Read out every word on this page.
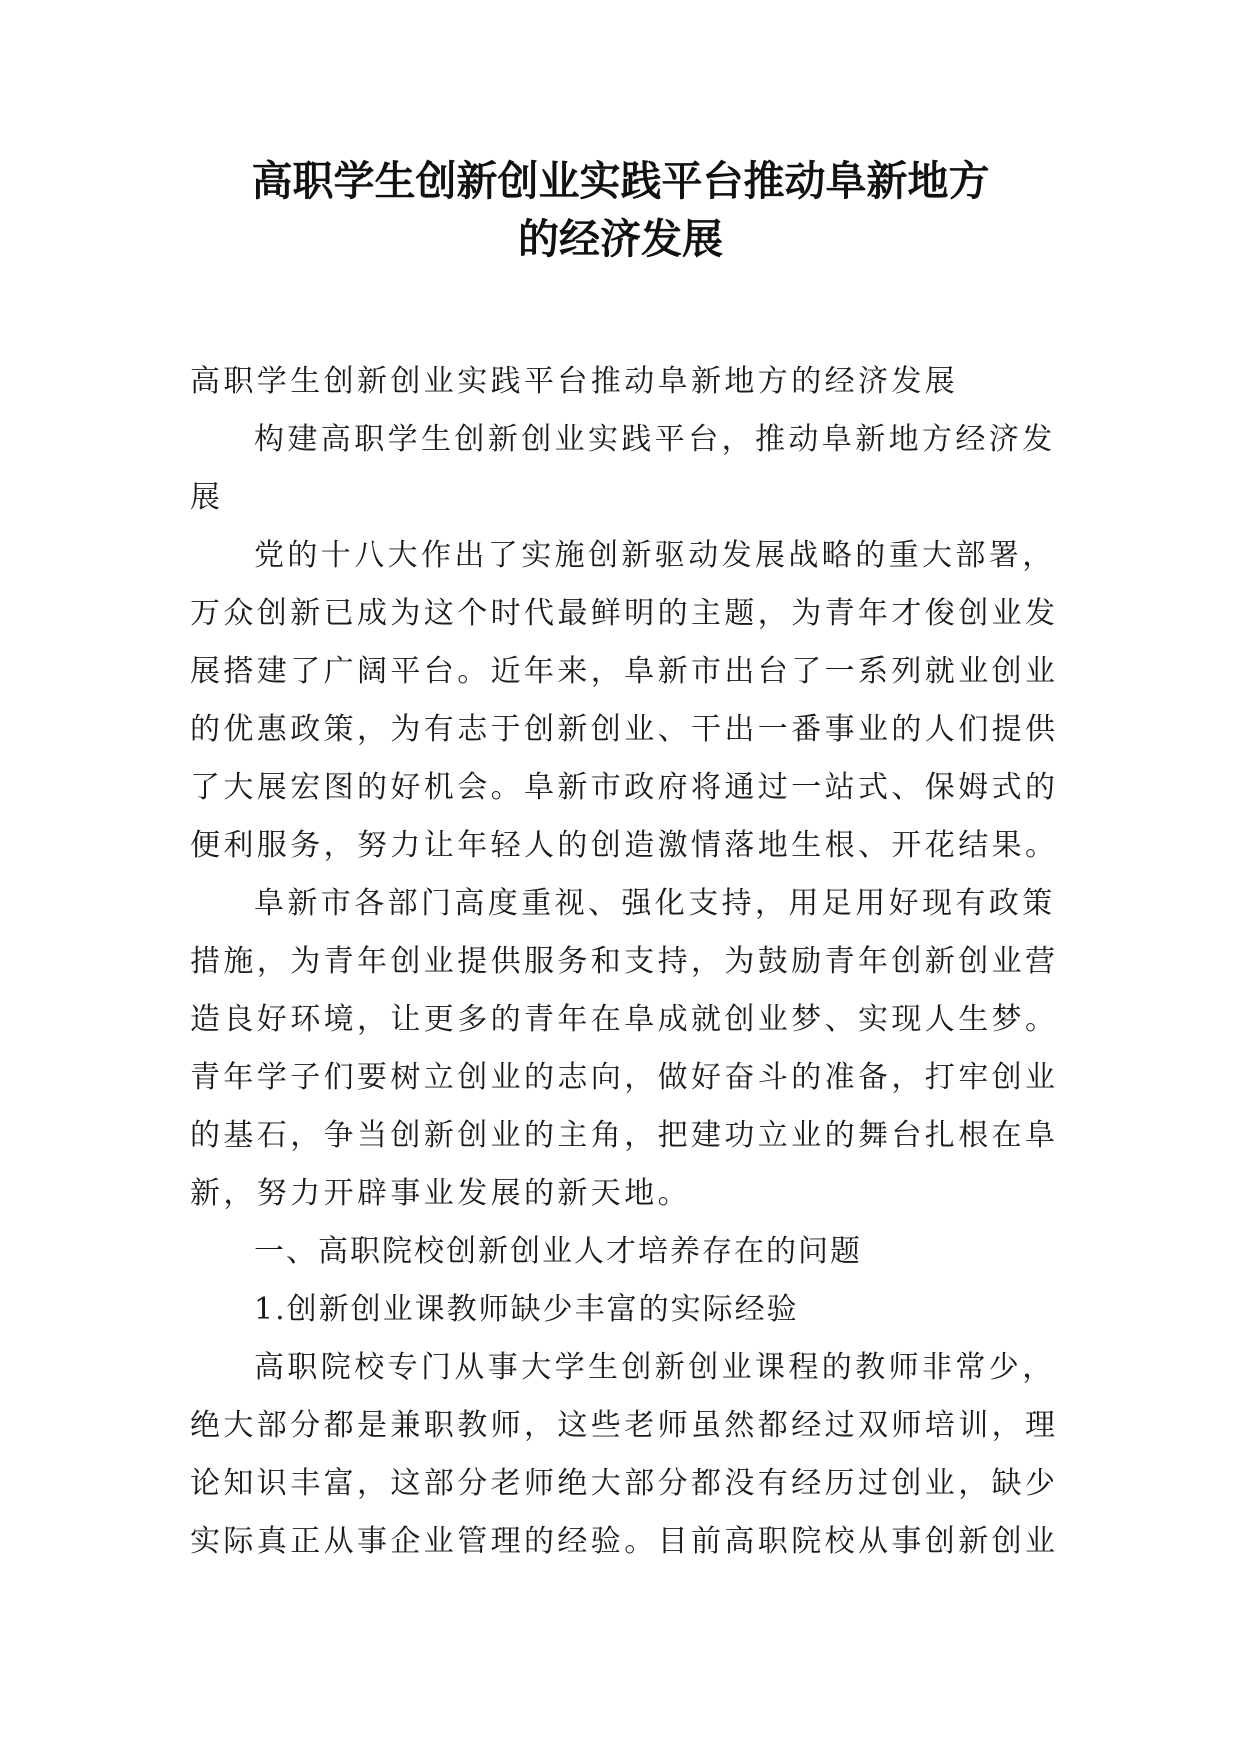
高职学生创新创业实践平台推动阜新地方
的经济发展
高职学生创新创业实践平台推动阜新地方的经济发展
构建高职学生创新创业实践平台，推动阜新地方经济发
展
党的十八大作出了实施创新驱动发展战略的重大部署，
万众创新已成为这个时代最鲜明的主题，为青年才俊创业发
展搭建了广阔平台。近年来，阜新市出台了一系列就业创业
的优惠政策，为有志于创新创业、干出一番事业的人们提供
了大展宏图的好机会。阜新市政府将通过一站式、保姆式的
便利服务，努力让年轻人的创造激情落地生根、开花结果。
阜新市各部门高度重视、强化支持，用足用好现有政策
措施，为青年创业提供服务和支持，为鼓励青年创新创业营
造良好环境，让更多的青年在阜成就创业梦、实现人生梦。
青年学子们要树立创业的志向，做好奋斗的准备，打牢创业
的基石，争当创新创业的主角，把建功立业的舞台扎根在阜
新，努力开辟事业发展的新天地。
一、高职院校创新创业人才培养存在的问题
1.创新创业课教师缺少丰富的实际经验
高职院校专门从事大学生创新创业课程的教师非常少，
绝大部分都是兼职教师，这些老师虽然都经过双师培训，理
论知识丰富，这部分老师绝大部分都没有经历过创业，缺少
实际真正从事企业管理的经验。目前高职院校从事创新创业
